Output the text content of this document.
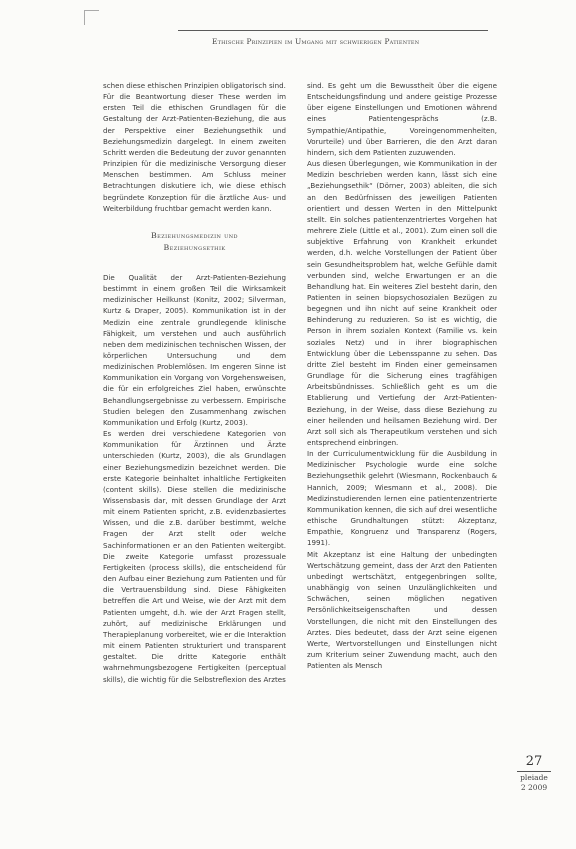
Ethische Prinzipien im Umgang mit schwierigen Patienten

schen diese ethischen Prinzipien obligatorisch sind.

Für die Beantwortung dieser These werden im ersten Teil die ethischen Grundlagen für die Gestaltung der Arzt-Patienten-Beziehung, die aus der Perspektive einer Beziehungsethik und Beziehungsmedizin dargelegt. In einem zweiten Schritt werden die Bedeutung der zuvor genannten Prinzipien für die medizinische Versorgung dieser Menschen bestimmen. Am Schluss meiner Betrachtungen diskutiere ich, wie diese ethisch begründete Konzeption für die ärztliche Aus- und Weiterbildung fruchtbar gemacht werden kann.

Beziehungsmedizin und
Beziehungsethik

Die Qualität der Arzt-Patienten-Beziehung bestimmt in einem großen Teil die Wirksamkeit medizinischer Heilkunst (Konitz, 2002; Silverman, Kurtz & Draper, 2005). Kommunikation ist in der Medizin eine zentrale grundlegende klinische Fähigkeit, um verstehen und auch ausführlich neben dem medizinischen technischen Wissen, der körperlichen Untersuchung und dem medizinischen Problemlösen. Im engeren Sinne ist Kommunikation ein Vorgang von Vorgehensweisen, die für ein erfolgreiches Ziel haben, erwünschte Behandlungsergebnisse zu verbessern. Empirische Studien belegen den Zusammenhang zwischen Kommunikation und Erfolg (Kurtz, 2003).

Es werden drei verschiedene Kategorien von Kommunikation für Ärztinnen und Ärzte unterschieden (Kurtz, 2003), die als Grundlagen einer Beziehungsmedizin bezeichnet werden. Die erste Kategorie beinhaltet inhaltliche Fertigkeiten (content skills). Diese stellen die medizinische Wissensbasis dar, mit dessen Grundlage der Arzt mit einem Patienten spricht, z.B. evidenzbasiertes Wissen, und die z.B. darüber bestimmt, welche Fragen der Arzt stellt oder welche Sachinformationen er an den Patienten weitergibt. Die zweite Kategorie umfasst prozessuale Fertigkeiten (process skills), die entscheidend für den Aufbau einer Beziehung zum Patienten und für die Vertrauensbildung sind. Diese Fähigkeiten betreffen die Art und Weise, wie der Arzt mit dem Patienten umgeht, d.h. wie der Arzt Fragen stellt, zuhört, auf medizinische Erklärungen und Therapieplanung vorbereitet, wie er die Interaktion mit einem Patienten strukturiert und transparent gestaltet. Die dritte Kategorie enthält wahrnehmungsbezogene Fertigkeiten (perceptual skills), die wichtig für die Selbstreflexion des Arztes

sind. Es geht um die Bewusstheit über die eigene Entscheidungsfindung und andere geistige Prozesse über eigene Einstellungen und Emotionen während eines Patientengesprächs (z.B. Sympathie/Antipathie, Voreingenommenheiten, Vorurteile) und über Barrieren, die den Arzt daran hindern, sich dem Patienten zuzuwenden.

Aus diesen Überlegungen, wie Kommunikation in der Medizin beschrieben werden kann, lässt sich eine „Beziehungsethik“ (Dörner, 2003) ableiten, die sich an den Bedürfnissen des jeweiligen Patienten orientiert und dessen Werten in den Mittelpunkt stellt. Ein solches patientenzentriertes Vorgehen hat mehrere Ziele (Little et al., 2001). Zum einen soll die subjektive Erfahrung von Krankheit erkundet werden, d.h. welche Vorstellungen der Patient über sein Gesundheitsproblem hat, welche Gefühle damit verbunden sind, welche Erwartungen er an die Behandlung hat. Ein weiteres Ziel besteht darin, den Patienten in seinen biopsychosozialen Bezügen zu begegnen und ihn nicht auf seine Krankheit oder Behinderung zu reduzieren. So ist es wichtig, die Person in ihrem sozialen Kontext (Familie vs. kein soziales Netz) und in ihrer biographischen Entwicklung über die Lebensspanne zu sehen. Das dritte Ziel besteht im Finden einer gemeinsamen Grundlage für die Sicherung eines tragfähigen Arbeitsbündnisses. Schließlich geht es um die Etablierung und Vertiefung der Arzt-Patienten-Beziehung, in der Weise, dass diese Beziehung zu einer heilenden und heilsamen Beziehung wird. Der Arzt soll sich als Therapeutikum verstehen und sich entsprechend einbringen.

In der Curriculumentwicklung für die Ausbildung in Medizinischer Psychologie wurde eine solche Beziehungsethik gelehrt (Wiesmann, Rockenbauch & Hannich, 2009; Wiesmann et al., 2008). Die Medizinstudierenden lernen eine patientenzentrierte Kommunikation kennen, die sich auf drei wesentliche ethische Grundhaltungen stützt: Akzeptanz, Empathie, Kongruenz und Transparenz (Rogers, 1991).

Mit Akzeptanz ist eine Haltung der unbedingten Wertschätzung gemeint, dass der Arzt den Patienten unbedingt wertschätzt, entgegenbringen sollte, unabhängig von seinen Unzulänglichkeiten und Schwächen, seinen möglichen negativen Persönlichkeitseigenschaften und dessen Vorstellungen, die nicht mit den Einstellungen des Arztes. Dies bedeutet, dass der Arzt seine eigenen Werte, Wertvorstellungen und Einstellungen nicht zum Kriterium seiner Zuwendung macht, auch den Patienten als Mensch

27
pleiade
2 2009
